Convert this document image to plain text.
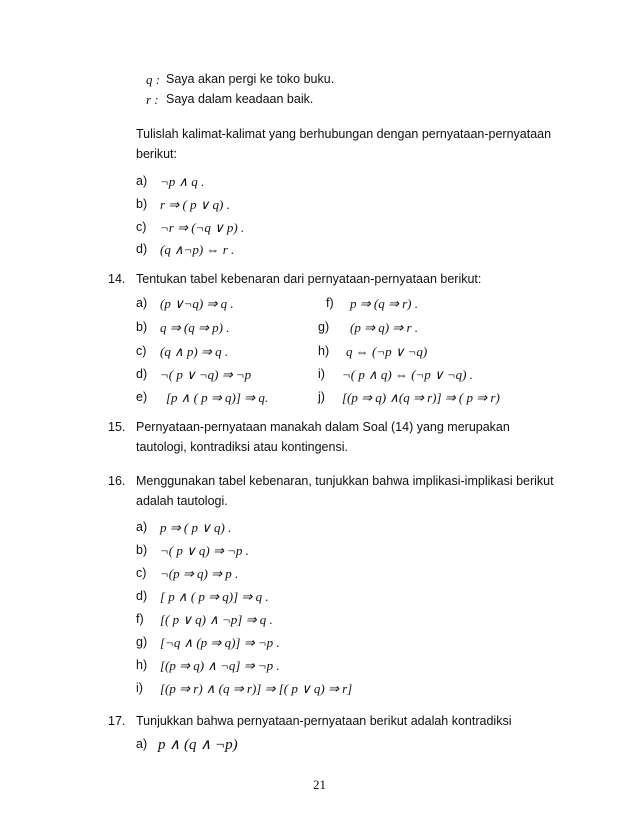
q : Saya akan pergi ke toko buku.
r : Saya dalam keadaan baik.
Tulislah kalimat-kalimat yang berhubungan dengan pernyataan-pernyataan
berikut:
a) ¬p ∧ q .
b) r ⇒ ( p ∨ q) .
c) ¬r ⇒ (¬q ∨ p) .
d) (q ∧¬p) ⇔ r .
14. Tentukan tabel kebenaran dari pernyataan-pernyataan berikut:
a) (p ∨¬q) ⇒ q .
b) q ⇒ (q ⇒ p) .
c) (q ∧ p) ⇒ q .
d) ¬( p ∨ ¬q) ⇒ ¬p
e) [p ∧ ( p ⇒ q)] ⇒ q.
f) p ⇒ (q ⇒ r) .
g) (p ⇒ q) ⇒ r .
h) q ⇔ (¬p ∨ ¬q)
i) ¬( p ∧ q) ⇔ (¬p ∨ ¬q) .
j) [(p ⇒ q) ∧(q ⇒ r)] ⇒ ( p ⇒ r)
15. Pernyataan-pernyataan manakah dalam Soal (14) yang merupakan
tautologi, kontradiksi atau kontingensi.
16. Menggunakan tabel kebenaran, tunjukkan bahwa implikasi-implikasi berikut
adalah tautologi.
a) p ⇒ ( p ∨ q) .
b) ¬( p ∨ q) ⇒ ¬p .
c) ¬(p ⇒ q) ⇒ p .
d) [ p ∧ ( p ⇒ q)] ⇒ q .
f) [( p ∨ q) ∧ ¬p] ⇒ q .
g) [¬q ∧ (p ⇒ q)] ⇒ ¬p .
h) [(p ⇒ q) ∧ ¬q] ⇒ ¬p .
i) [(p ⇒ r) ∧ (q ⇒ r)] ⇒ [( p ∨ q) ⇒ r]
17. Tunjukkan bahwa pernyataan-pernyataan berikut adalah kontradiksi
a) p ∧ (q ∧ ¬p)
21
